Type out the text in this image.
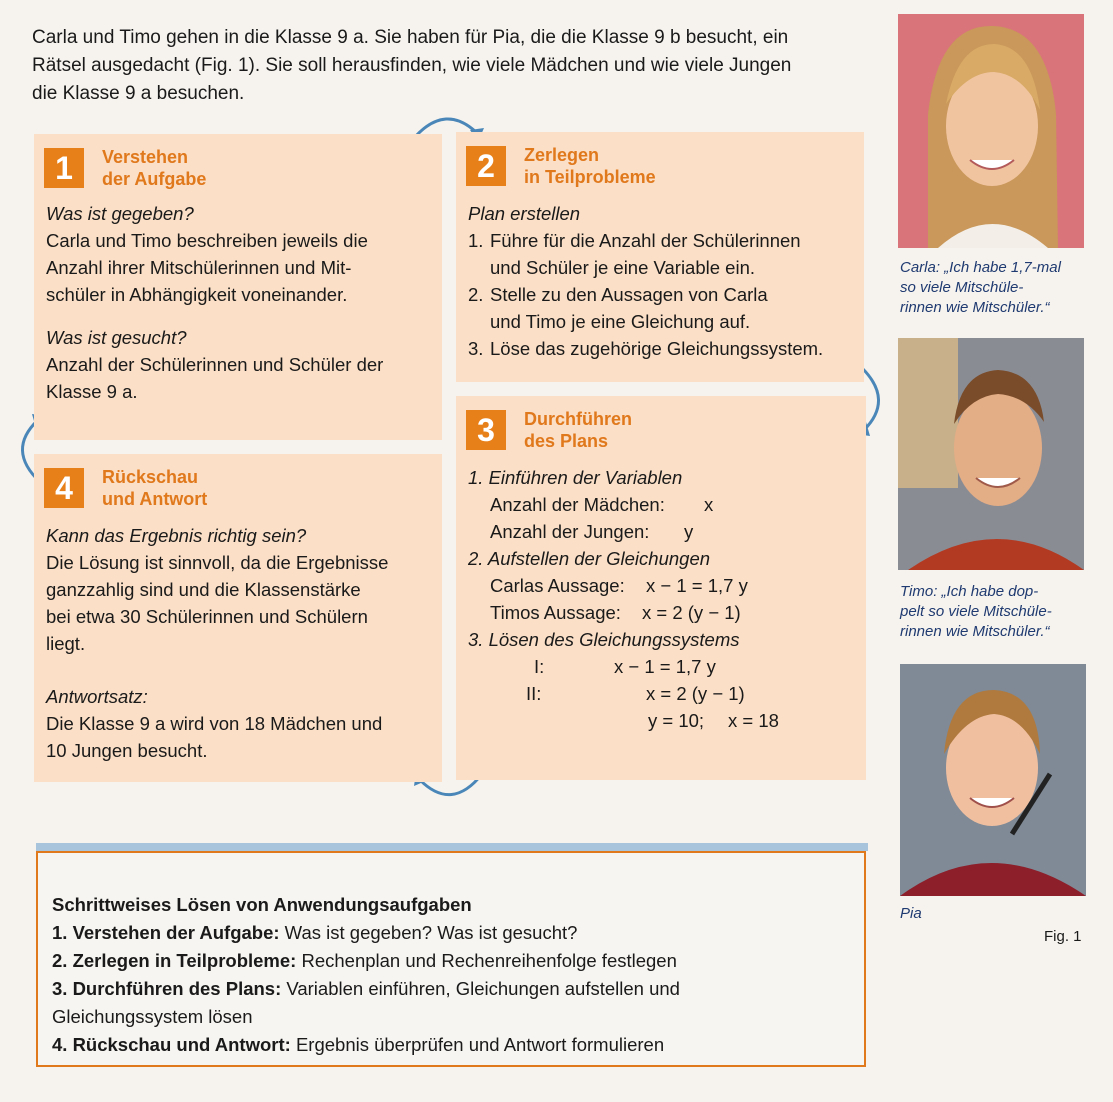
Carla und Timo gehen in die Klasse 9 a. Sie haben für Pia, die die Klasse 9 b besucht, ein

Rätsel ausgedacht (Fig. 1). Sie soll herausfinden, wie viele Mädchen und wie viele Jungen

die Klasse 9 a besuchen.

1	Verstehen
der Aufgabe

Was ist gegeben?

Carla und Timo beschreiben jeweils die

Anzahl ihrer Mitschülerinnen und Mit-

schüler in Abhängigkeit voneinander.

Was ist gesucht?

Anzahl der Schülerinnen und Schüler der

Klasse 9 a.

2	Zerlegen
in Teilprobleme

Plan erstellen

1. Führe für die Anzahl der Schülerinnen
und Schüler je eine Variable ein.
2. Stelle zu den Aussagen von Carla
und Timo je eine Gleichung auf.
3. Löse das zugehörige Gleichungssystem.
3	Durchführen
des Plans

1. Einführen der Variablen

Anzahl der Mädchen: x
Anzahl der Jungen: y

2. Aufstellen der Gleichungen

Carlas Aussage: x − 1 = 1,7 y
Timos Aussage: x = 2 (y − 1)

3. Lösen des Gleichungssystems

I:	x − 1 = 1,7 y
II:	x = 2 (y − 1)
y = 10; x = 18
4	Rückschau
und Antwort

Kann das Ergebnis richtig sein?

Die Lösung ist sinnvoll, da die Ergebnisse

ganzzahlig sind und die Klassenstärke

bei etwa 30 Schülerinnen und Schülern

liegt.

Antwortsatz:

Die Klasse 9 a wird von 18 Mädchen und

10 Jungen besucht.

Carla: „Ich habe 1,7-mal
so viele Mitschüle-
rinnen wie Mitschüler.“
Timo: „Ich habe dop-
pelt so viele Mitschüle-
rinnen wie Mitschüler.“
Pia
Fig. 1

Schrittweises Lösen von Anwendungsaufgaben

1. Verstehen der Aufgabe: Was ist gegeben? Was ist gesucht?

2. Zerlegen in Teilprobleme: Rechenplan und Rechenreihenfolge festlegen

3. Durchführen des Plans: Variablen einführen, Gleichungen aufstellen und

Gleichungssystem lösen

4. Rückschau und Antwort: Ergebnis überprüfen und Antwort formulieren
